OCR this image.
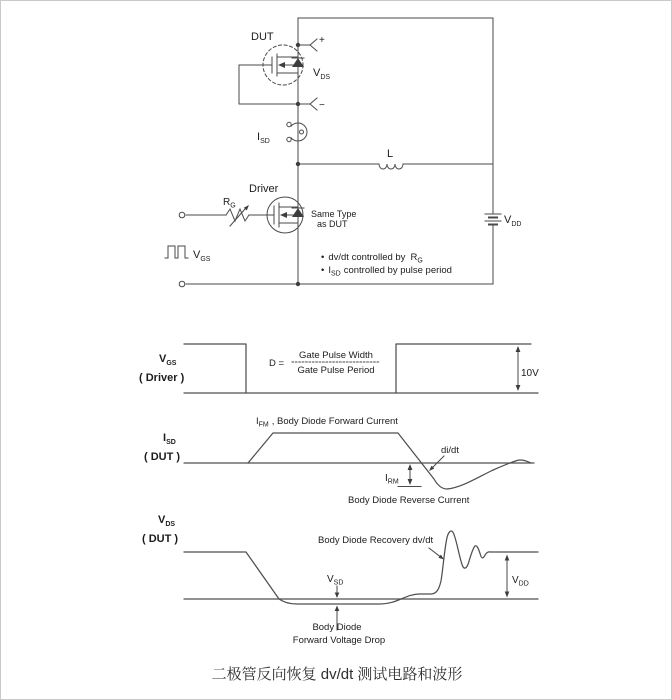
DUT	+
−
$V_{DS}$
$I_{SD}$
L
Driver
$R_G$
Same Type
as DUT
$V_{GS}$
$V_{DD}$
• dv/dt controlled by $R_G$
• $I_{SD}$ controlled by pulse period
$V_{GS}$
( Driver )
D =
Gate Pulse Width
Gate Pulse Period	10V
$I_{SD}$
( DUT )
$I_{FM}$ , Body Diode Forward Current
di/dt
$I_{RM}$
Body Diode Reverse Current
$V_{DS}$
( DUT )	Body Diode Recovery dv/dt
$V_{SD}$	$V_{DD}$
Body Diode
Forward Voltage Drop
二极管反向恢复 dv/dt 测试电路和波形
